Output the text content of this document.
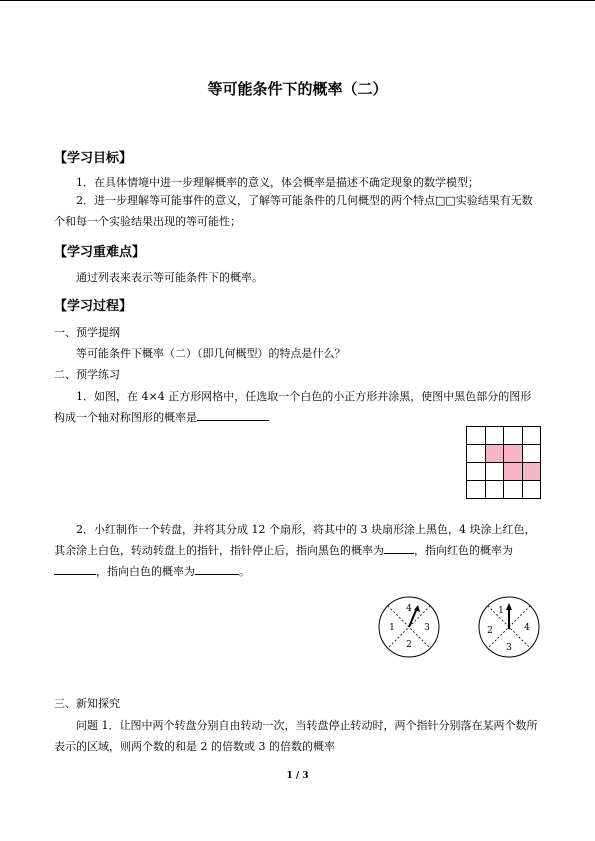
等可能条件下的概率（二）
【学习目标】
1．在具体情境中进一步理解概率的意义，体会概率是描述不确定现象的数学模型；
2．进一步理解等可能事件的意义，了解等可能条件的几何概型的两个特点□□实验结果有无数个和每一个实验结果出现的等可能性；
【学习重难点】
通过列表来表示等可能条件下的概率。
【学习过程】
一、预学提纲
等可能条件下概率（二）（即几何概型）的特点是什么？
二、预学练习
1．如图，在 4×4 正方形网格中，任选取一个白色的小正方形并涂黑，使图中黑色部分的图形构成一个轴对称图形的概率是
2．小红制作一个转盘，并将其分成 12 个扇形，将其中的 3 块扇形涂上黑色，4 块涂上红色，其余涂上白色，转动转盘上的指针，指针停止后，指向黑色的概率为	，指向红色的概率为，指向白色的概率为	。
4
3
2
1
1
2	4
3
三、新知探究
问题 1．让图中两个转盘分别自由转动一次，当转盘停止转动时，两个指针分别落在某两个数所表示的区域，则两个数的和是 2 的倍数或 3 的倍数的概率
1 / 3
